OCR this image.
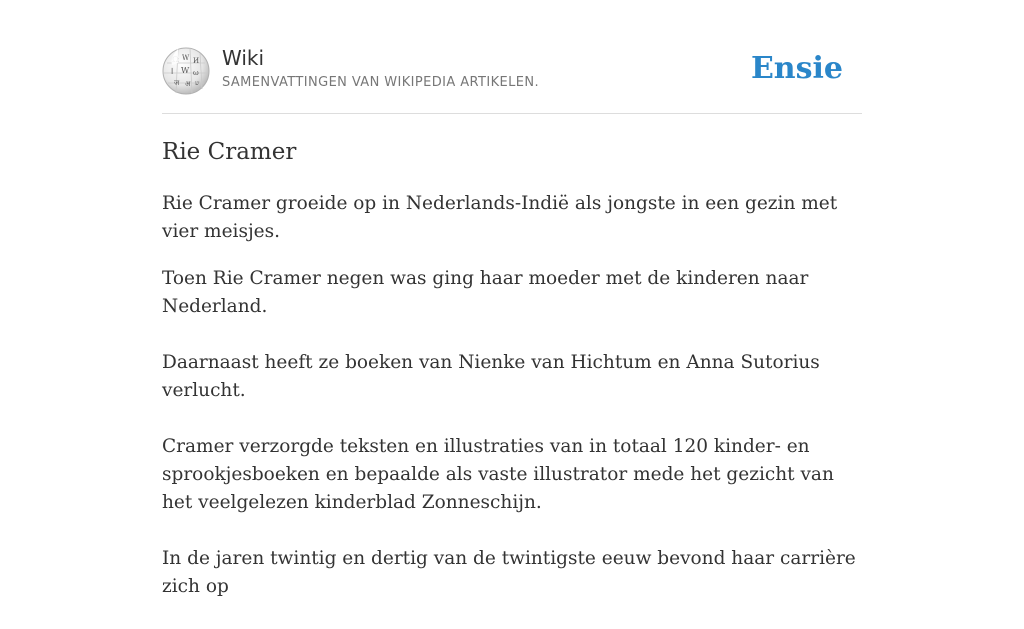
W И
ا W ω
ज अ ש
Wiki
SAMENVATTINGEN VAN WIKIPEDIA ARTIKELEN.	Ensie
Rie Cramer

Rie Cramer groeide op in Nederlands-Indië als jongste in een gezin met vier meisjes.

Toen Rie Cramer negen was ging haar moeder met de kinderen naar Nederland.

Daarnaast heeft ze boeken van Nienke van Hichtum en Anna Sutorius verlucht.

Cramer verzorgde teksten en illustraties van in totaal 120 kinder- en sprookjesboeken en bepaalde als vaste illustrator mede het gezicht van het veelgelezen kinderblad Zonneschijn.

In de jaren twintig en dertig van de twintigste eeuw bevond haar carrière zich op
